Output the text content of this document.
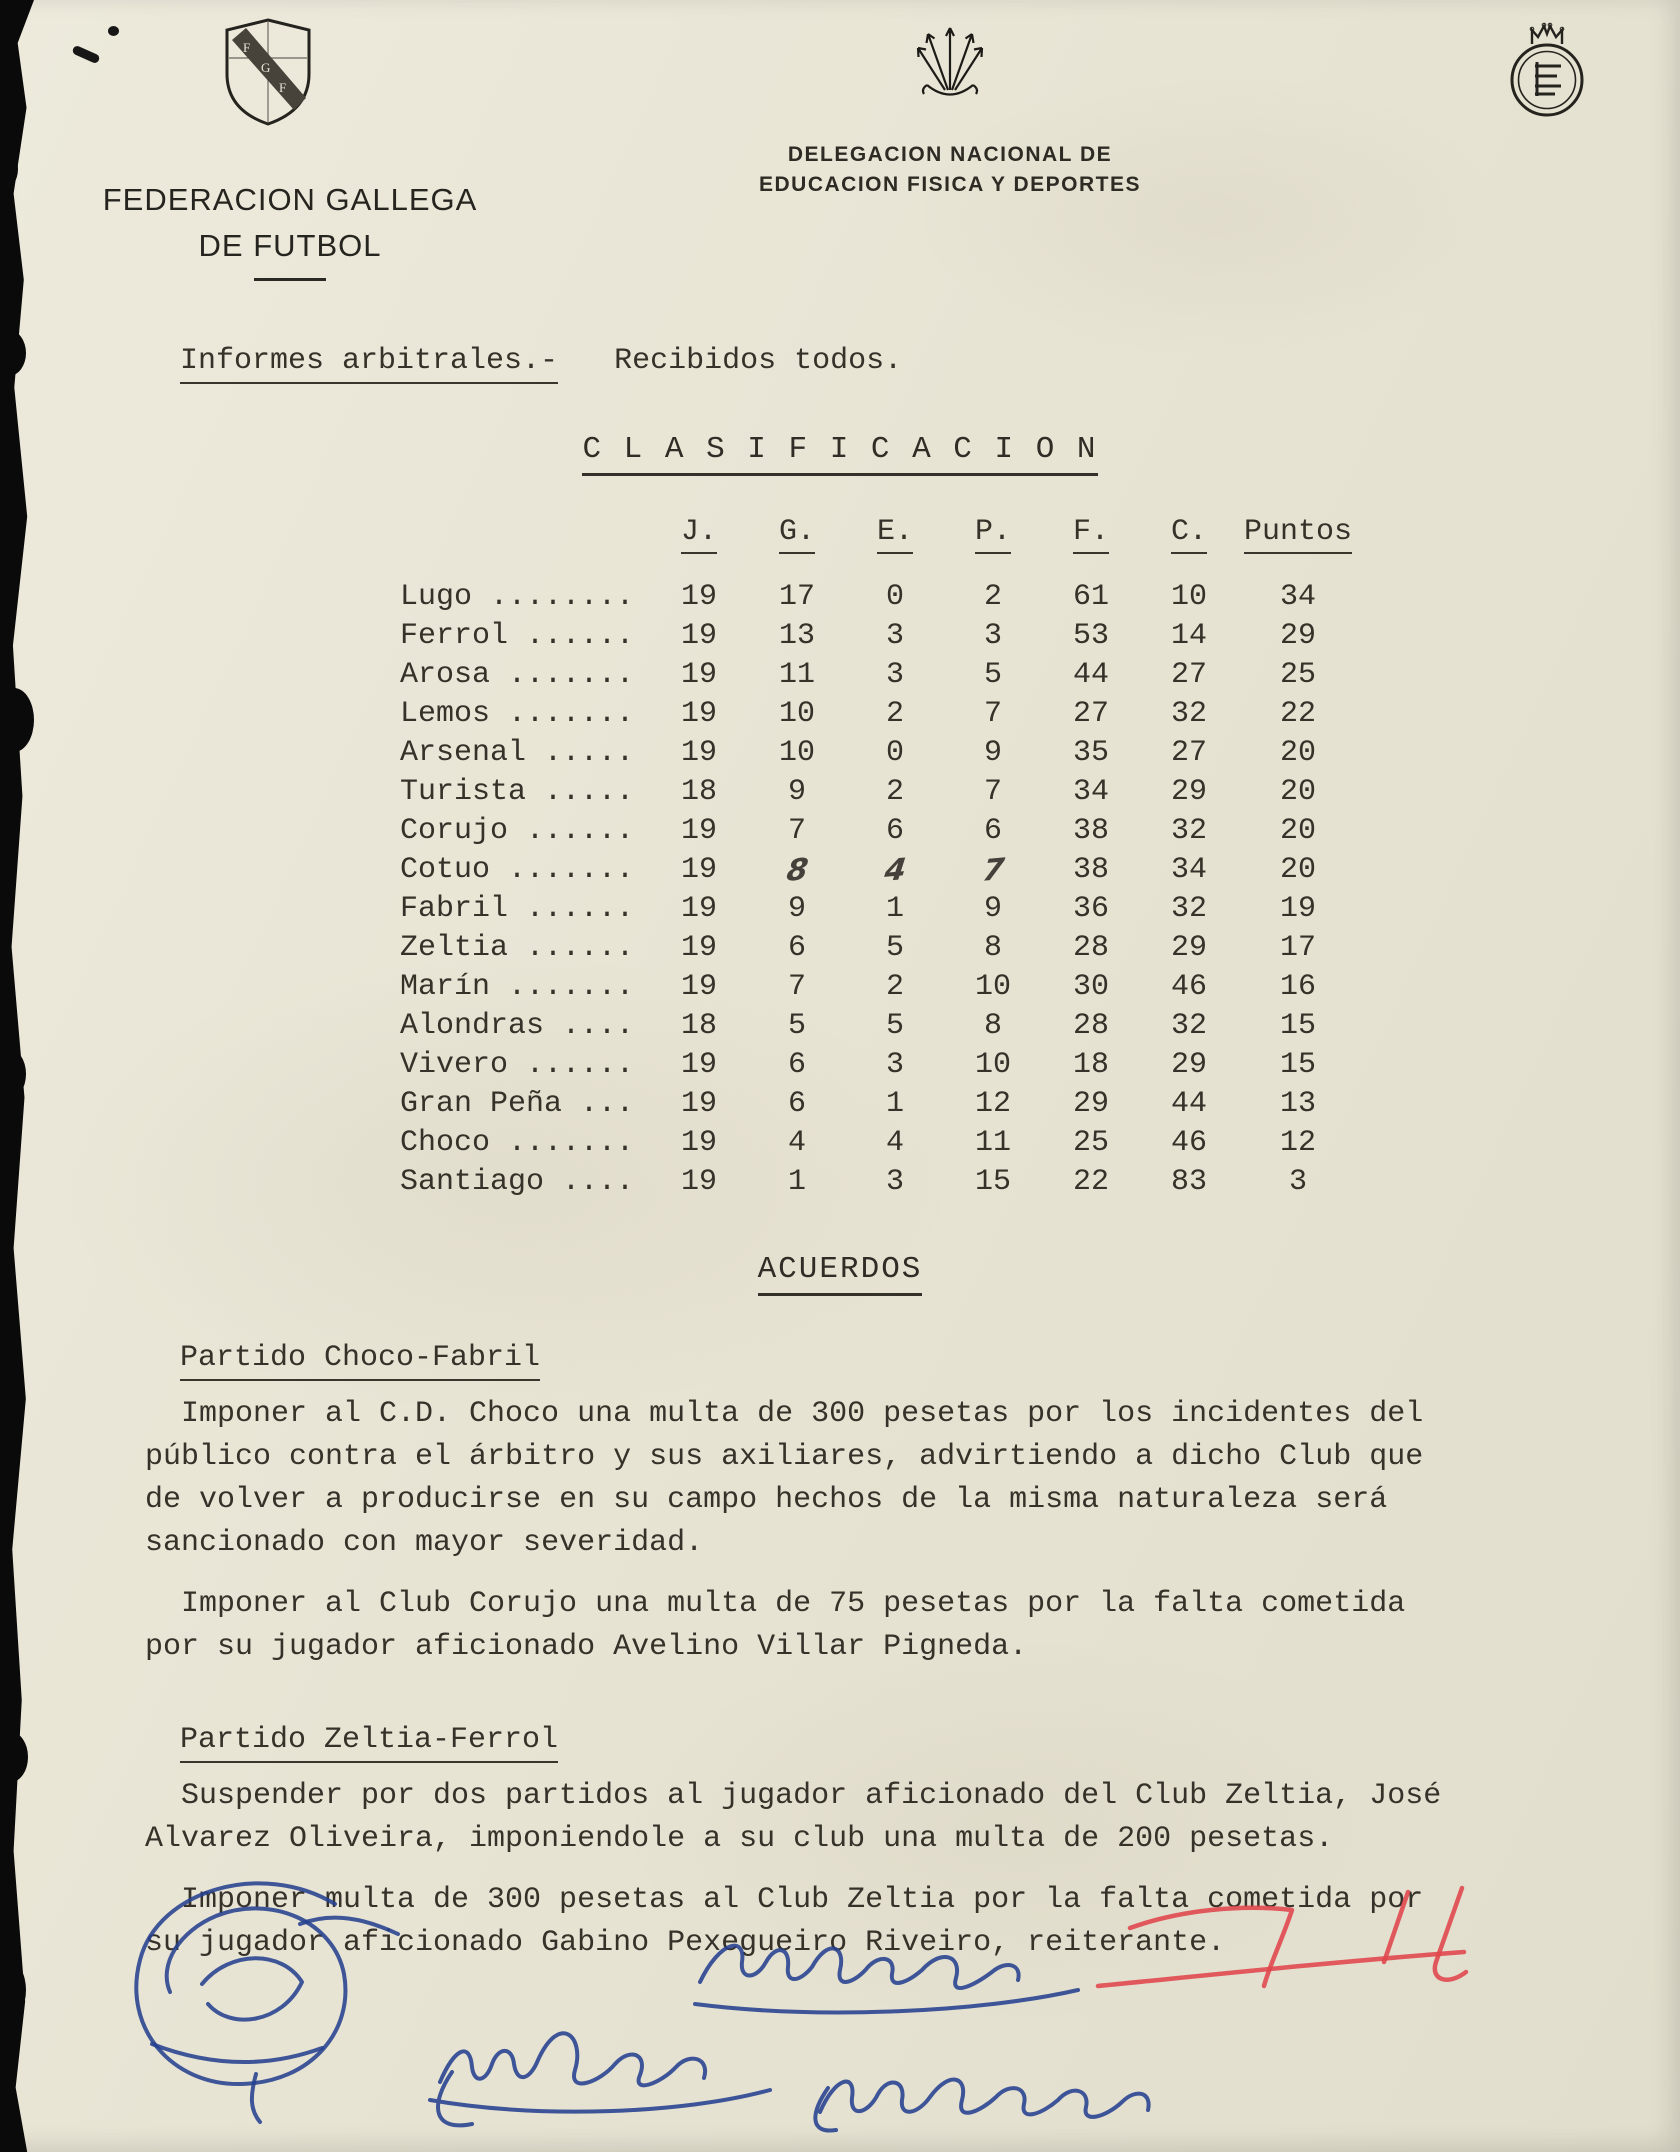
F
G
F
FEDERACION GALLEGA
DE FUTBOL
DELEGACION NACIONAL DE
EDUCACION FISICA Y DEPORTES
Informes arbitrales.- Recibidos todos.
C L A S I F I C A C I O N
J.	G.	E.	P.	F.	C.	Puntos
Lugo ........	19	17	0	2	61	10	34
Ferrol ......	19	13	3	3	53	14	29
Arosa .......	19	11	3	5	44	27	25
Lemos .......	19	10	2	7	27	32	22
Arsenal .....	19	10	0	9	35	27	20
Turista .....	18	9	2	7	34	29	20
Corujo ......	19	7	6	6	38	32	20
Cotuo .......	19	8	4	7	38	34	20
Fabril ......	19	9	1	9	36	32	19
Zeltia ......	19	6	5	8	28	29	17
Marín .......	19	7	2	10	30	46	16
Alondras ....	18	5	5	8	28	32	15
Vivero ......	19	6	3	10	18	29	15
Gran Peña ...	19	6	1	12	29	44	13
Choco .......	19	4	4	11	25	46	12
Santiago ....	19	1	3	15	22	83	3
ACUERDOS
Partido Choco-Fabril

Imponer al C.D. Choco una multa de 300 pesetas por los incidentes del público contra el árbitro y sus axiliares, advirtiendo a dicho Club que de volver a producirse en su campo hechos de la misma naturaleza será sancionado con mayor severidad.

Imponer al Club Corujo una multa de 75 pesetas por la falta cometida por su jugador aficionado Avelino Villar Pigneda.

Partido Zeltia-Ferrol

Suspender por dos partidos al jugador aficionado del Club Zeltia, José Alvarez Oliveira, imponiendole a su club una multa de 200 pesetas.

Imponer multa de 300 pesetas al Club Zeltia por la falta cometida por su jugador aficionado Gabino Pexegueiro Riveiro, reiterante.
